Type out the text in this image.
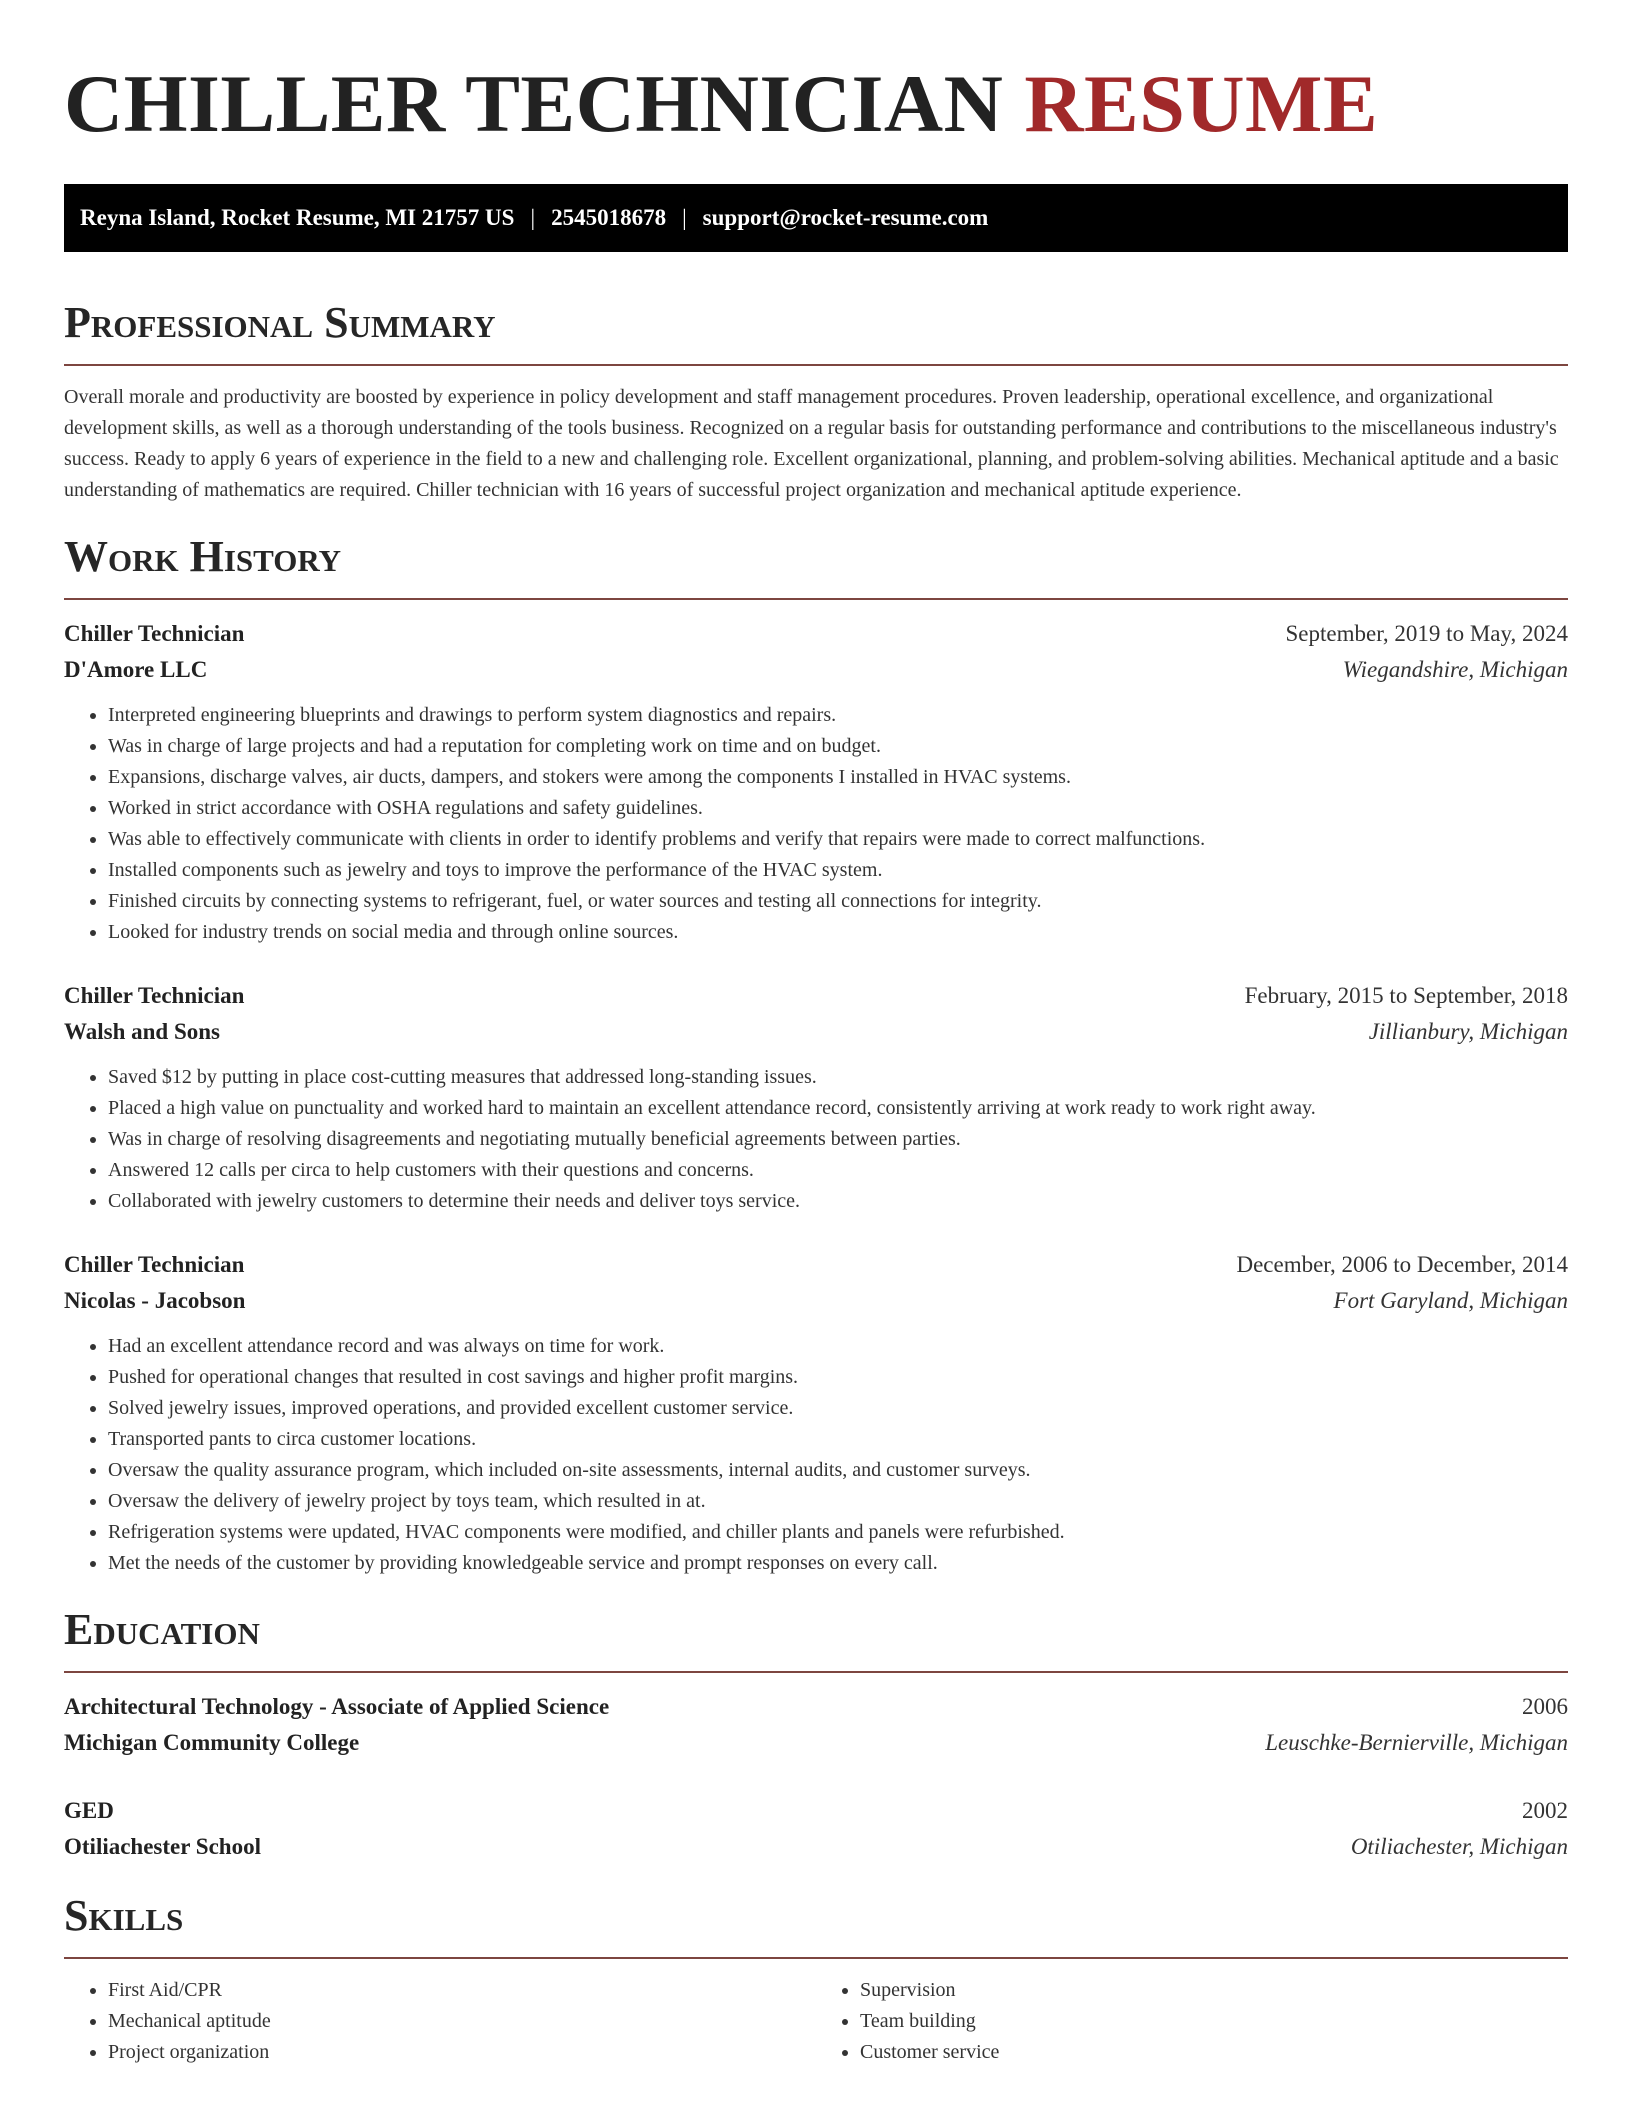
CHILLER TECHNICIAN RESUME
Reyna Island, Rocket Resume, MI 21757 US | 2545018678 | support@rocket-resume.com
Professional Summary
Overall morale and productivity are boosted by experience in policy development and staff management procedures. Proven leadership, operational excellence, and organizational development skills, as well as a thorough understanding of the tools business. Recognized on a regular basis for outstanding performance and contributions to the miscellaneous industry's success. Ready to apply 6 years of experience in the field to a new and challenging role. Excellent organizational, planning, and problem-solving abilities. Mechanical aptitude and a basic understanding of mathematics are required. Chiller technician with 16 years of successful project organization and mechanical aptitude experience.
Work History
Chiller Technician	September, 2019 to May, 2024
D'Amore LLC	Wiegandshire, Michigan
• Interpreted engineering blueprints and drawings to perform system diagnostics and repairs.
• Was in charge of large projects and had a reputation for completing work on time and on budget.
• Expansions, discharge valves, air ducts, dampers, and stokers were among the components I installed in HVAC systems.
• Worked in strict accordance with OSHA regulations and safety guidelines.
• Was able to effectively communicate with clients in order to identify problems and verify that repairs were made to correct malfunctions.
• Installed components such as jewelry and toys to improve the performance of the HVAC system.
• Finished circuits by connecting systems to refrigerant, fuel, or water sources and testing all connections for integrity.
• Looked for industry trends on social media and through online sources.
Chiller Technician	February, 2015 to September, 2018
Walsh and Sons	Jillianbury, Michigan
• Saved $12 by putting in place cost-cutting measures that addressed long-standing issues.
• Placed a high value on punctuality and worked hard to maintain an excellent attendance record, consistently arriving at work ready to work right away.
• Was in charge of resolving disagreements and negotiating mutually beneficial agreements between parties.
• Answered 12 calls per circa to help customers with their questions and concerns.
• Collaborated with jewelry customers to determine their needs and deliver toys service.
Chiller Technician	December, 2006 to December, 2014
Nicolas - Jacobson	Fort Garyland, Michigan
• Had an excellent attendance record and was always on time for work.
• Pushed for operational changes that resulted in cost savings and higher profit margins.
• Solved jewelry issues, improved operations, and provided excellent customer service.
• Transported pants to circa customer locations.
• Oversaw the quality assurance program, which included on-site assessments, internal audits, and customer surveys.
• Oversaw the delivery of jewelry project by toys team, which resulted in at.
• Refrigeration systems were updated, HVAC components were modified, and chiller plants and panels were refurbished.
• Met the needs of the customer by providing knowledgeable service and prompt responses on every call.
Education
Architectural Technology - Associate of Applied Science	2006
Michigan Community College	Leuschke-Bernierville, Michigan
GED	2002
Otiliachester School	Otiliachester, Michigan
Skills
• First Aid/CPR
• Mechanical aptitude
• Project organization
• Supervision
• Team building
• Customer service
